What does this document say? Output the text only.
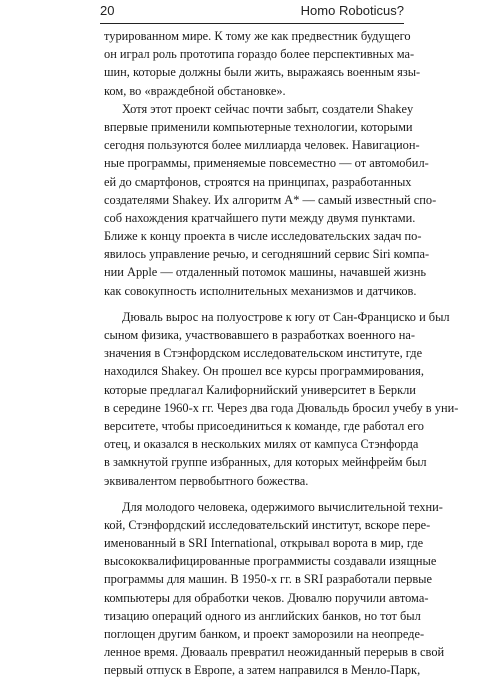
20	Homo Roboticus?
турированном мире. К тому же как предвестник будущего
он играл роль прототипа гораздо более перспективных ма-
шин, которые должны были жить, выражаясь военным язы-
ком, во «враждебной обстановке».
Хотя этот проект сейчас почти забыт, создатели Shakey
впервые применили компьютерные технологии, которыми
сегодня пользуются более миллиарда человек. Навигацион-
ные программы, применяемые повсеместно — от автомобил-
ей до смартфонов, строятся на принципах, разработанных
создателями Shakey. Их алгоритм A* — самый известный спо-
соб нахождения кратчайшего пути между двумя пунктами.
Ближе к концу проекта в числе исследовательских задач по-
явилось управление речью, и сегодняшний сервис Siri компа-
нии Apple — отдаленный потомок машины, начавшей жизнь
как совокупность исполнительных механизмов и датчиков.
Дюваль вырос на полуострове к югу от Сан-Франциско и был
сыном физика, участвовавшего в разработках военного на-
значения в Стэнфордском исследовательском институте, где
находился Shakey. Он прошел все курсы программирования,
которые предлагал Калифорнийский университет в Беркли
в середине 1960-х гг. Через два года Дювальдь бросил учебу в уни-
верситете, чтобы присоединиться к команде, где работал его
отец, и оказался в нескольких милях от кампуса Стэнфорда
в замкнутой группе избранных, для которых мейнфрейм был
эквивалентом первобытного божества.
Для молодого человека, одержимого вычислительной техни-
кой, Стэнфордский исследовательский институт, вскоре пере-
именованный в SRI International, открывал ворота в мир, где
высококвалифицированные программисты создавали изящные
программы для машин. В 1950-х гг. в SRI разработали первые
компьютеры для обработки чеков. Дювалю поручили автома-
тизацию операций одного из английских банков, но тот был
поглощен другим банком, и проект заморозили на неопреде-
ленное время. Дювааль превратил неожиданный перерыв в свой
первый отпуск в Европе, а затем направился в Менло-Парк,
